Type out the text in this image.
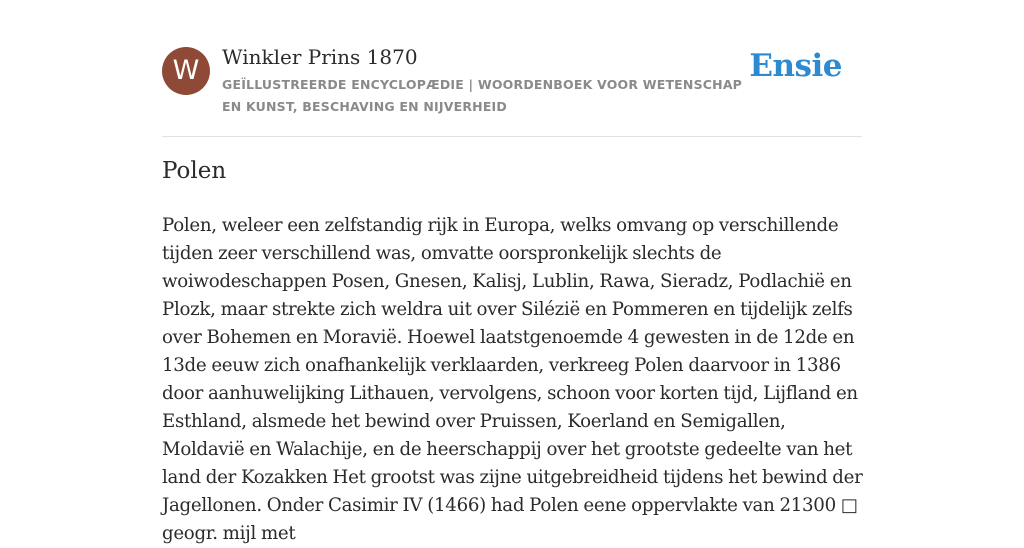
W	Winkler Prins 1870
GEÏLLUSTREERDE ENCYCLOPÆDIE | WOORDENBOEK VOOR WETENSCHAP EN KUNST, BESCHAVING EN NIJVERHEID
Ensie
Polen

Polen, weleer een zelfstandig rijk in Europa, welks omvang op verschillende tijden zeer verschillend was, omvatte oorspronkelijk slechts de woiwodeschappen Posen, Gnesen, Kalisj, Lublin, Rawa, Sieradz, Podlachië en Plozk, maar strekte zich weldra uit over Silézië en Pommeren en tijdelijk zelfs over Bohemen en Moravië. Hoewel laatstgenoemde 4 gewesten in de 12de en 13de eeuw zich onafhankelijk verklaarden, verkreeg Polen daarvoor in 1386 door aanhuwelijking Lithauen, vervolgens, schoon voor korten tijd, Lijfland en Esthland, alsmede het bewind over Pruissen, Koerland en Semigallen, Moldavië en Walachije, en de heerschappij over het grootste gedeelte van het land der Kozakken Het grootst was zijne uitgebreidheid tijdens het bewind der Jagellonen. Onder Casimir IV (1466) had Polen eene oppervlakte van 21300 □ geogr. mijl met
